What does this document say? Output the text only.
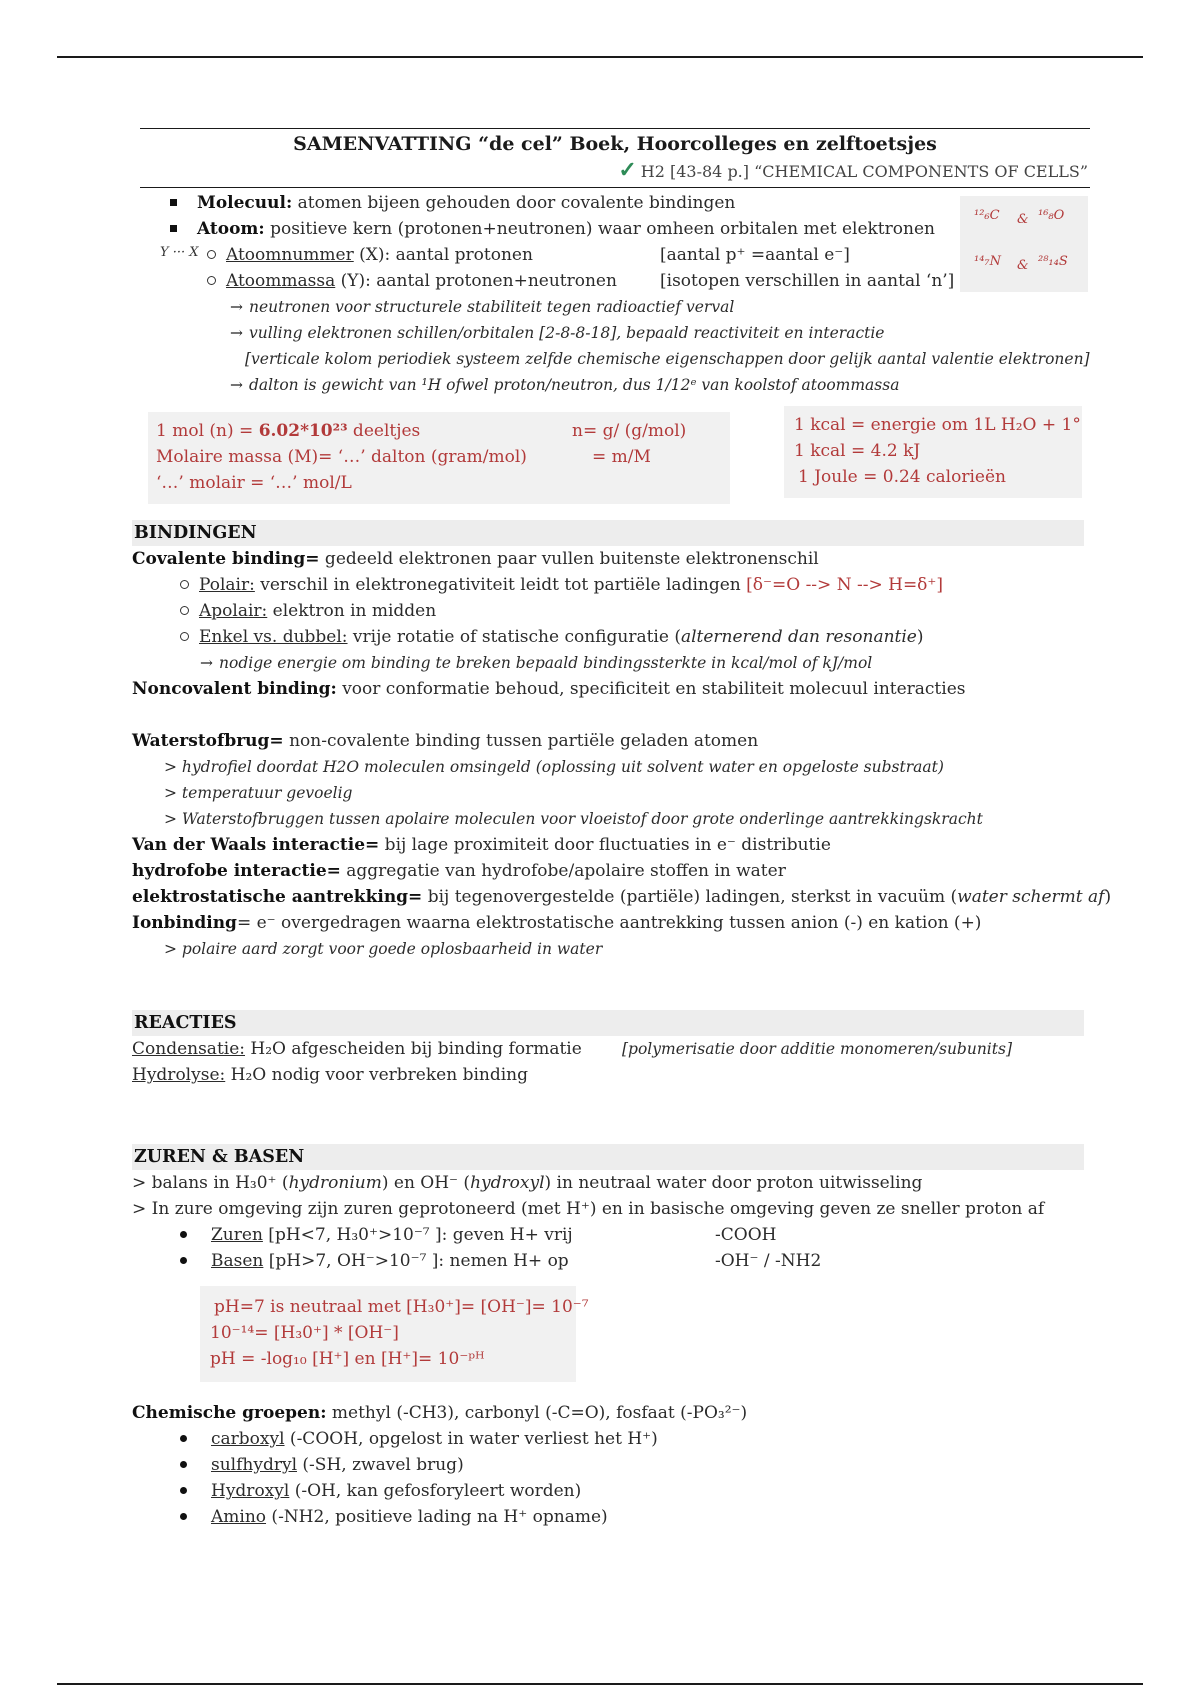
SAMENVATTING “de cel” Boek, Hoorcolleges en zelftoetsjes
✓ H2 [43-84 p.] “CHEMICAL COMPONENTS OF CELLS”
¹²₆C & ¹⁶₈O
¹⁴₇N & ²⁸₁₄S
Molecuul: atomen bijeen gehouden door covalente bindingen
Atoom: positieve kern (protonen+neutronen) waar omheen orbitalen met elektronen
Y ··· X	Atoomnummer (X): aantal protonen	[aantal p⁺ =aantal e⁻]
Atoommassa (Y): aantal protonen+neutronen	[isotopen verschillen in aantal ‘n’]
→ neutronen voor structurele stabiliteit tegen radioactief verval
→ vulling elektronen schillen/orbitalen [2-8-8-18], bepaald reactiviteit en interactie
[verticale kolom periodiek systeem zelfde chemische eigenschappen door gelijk aantal valentie elektronen]
→ dalton is gewicht van ¹H ofwel proton/neutron, dus 1/12ᵉ van koolstof atoommassa
1 mol (n) = 6.02*10²³ deeltjes	n= g/ (g/mol)
Molaire massa (M)= ‘…’ dalton (gram/mol)	= m/M
‘…’ molair = ‘…’ mol/L
1 kcal = energie om 1L H₂O + 1°
1 kcal = 4.2 kJ
1 Joule = 0.24 calorieën
BINDINGEN
Covalente binding= gedeeld elektronen paar vullen buitenste elektronenschil
Polair: verschil in elektronegativiteit leidt tot partiële ladingen [δ⁻=O --> N --> H=δ⁺]
Apolair: elektron in midden
Enkel vs. dubbel: vrije rotatie of statische configuratie (alternerend dan resonantie)
→ nodige energie om binding te breken bepaald bindingssterkte in kcal/mol of kJ/mol
Noncovalent binding: voor conformatie behoud, specificiteit en stabiliteit molecuul interacties
Waterstofbrug= non-covalente binding tussen partiële geladen atomen
> hydrofiel doordat H2O moleculen omsingeld (oplossing uit solvent water en opgeloste substraat)
> temperatuur gevoelig
> Waterstofbruggen tussen apolaire moleculen voor vloeistof door grote onderlinge aantrekkingskracht
Van der Waals interactie= bij lage proximiteit door fluctuaties in e⁻ distributie
hydrofobe interactie= aggregatie van hydrofobe/apolaire stoffen in water
elektrostatische aantrekking= bij tegenovergestelde (partiële) ladingen, sterkst in vacuüm (water schermt af)
Ionbinding= e⁻ overgedragen waarna elektrostatische aantrekking tussen anion (-) en kation (+)
> polaire aard zorgt voor goede oplosbaarheid in water
REACTIES
Condensatie: H₂O afgescheiden bij binding formatie	[polymerisatie door additie monomeren/subunits]
Hydrolyse: H₂O nodig voor verbreken binding
ZUREN & BASEN
> balans in H₃0⁺ (hydronium) en OH⁻ (hydroxyl) in neutraal water door proton uitwisseling
> In zure omgeving zijn zuren geprotoneerd (met H⁺) en in basische omgeving geven ze sneller proton af
Zuren [pH<7, H₃0⁺>10⁻⁷ ]: geven H+ vrij	-COOH
Basen [pH>7, OH⁻>10⁻⁷ ]: nemen H+ op	-OH⁻ / -NH2
pH=7 is neutraal met [H₃0⁺]= [OH⁻]= 10⁻⁷
10⁻¹⁴= [H₃0⁺] * [OH⁻]
pH = -log₁₀ [H⁺] en [H⁺]= 10⁻ᵖᴴ
Chemische groepen: methyl (-CH3), carbonyl (-C=O), fosfaat (-PO₃²⁻)
carboxyl (-COOH, opgelost in water verliest het H⁺)
sulfhydryl (-SH, zwavel brug)
Hydroxyl (-OH, kan gefosforyleert worden)
Amino (-NH2, positieve lading na H⁺ opname)
